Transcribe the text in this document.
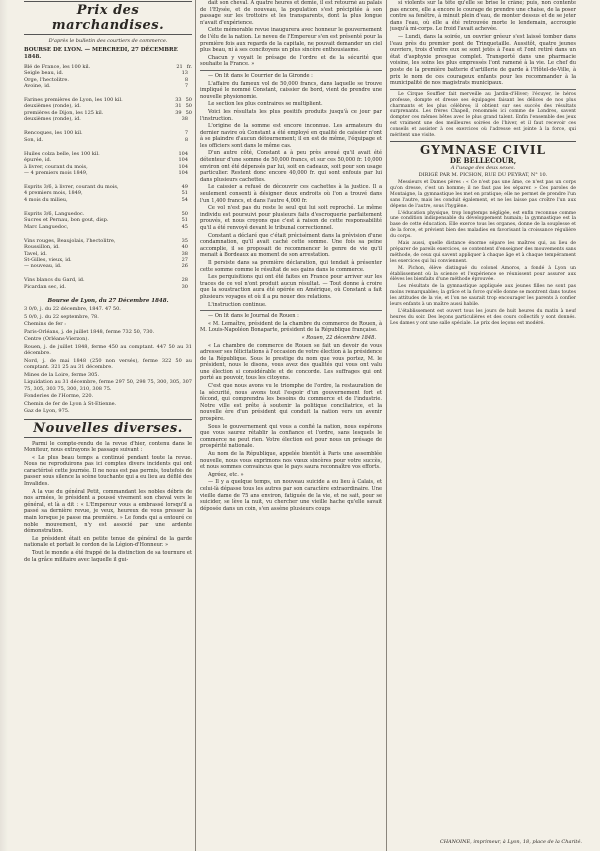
Prix des marchandises.
D'après le bulletin des courtiers de commerce.
BOURSE DE LYON. — MERCREDI, 27 DÉCEMBRE 1848.
Blé de France, les 100 kil.	21 fr.
Seigle beau, id.	13
Orge, l'hectolitre.	8
Avoine, id.	7
Farines premières de Lyon, les 100 kil.	33 50
deuxièmes (ronde), id.	31 50
premières de Dijon, les 125 kil.	39 50
deuxièmes (ronde), id.	38
Rencoques, les 100 kil.	7
Son, id.	8
Huiles colza belle, les 100 kil.	104
épurée, id.	104
à livrer, courant du mois,	104
— 4 premiers mois 1849,	104
Esprits 3/6, à livrer, courant du mois,	49
4 premiers mois, 1849,	51
4 mois du milieu,	54
Esprits 3/6, Languedoc.	50
Sucres et Pernau, bon gout, disp.	51
Marc Languedoc,	45
Vins rouges, Beaujolais, l'hectolitre,	35
Roussillon, id.	40
Tavel, id.	38
St-Gilles, vieux, id.	27
— nouveau, id.	26
Vins blancs du Gard, id.	28
Picardan sec, id.	30
Bourse de Lyon, du 27 Décembre 1848.

3 0/0, j. du 22 décembre, 1847. 47 50.

5 0/0, j. du 22 septembre, 78.

Chemins de fer :

Paris-Orléans, j. de juillet 1848, ferme 732 50, 730.

Centre (Orléans-Vierzon).

Rouen, j. de juillet 1848, ferme 450 au comptant. 447 50 au 31 décembre.

Nord, j. de mai 1848 (250 non versés), ferme 322 50 au comptant. 321 25 au 31 décembre.

Mines de la Loire, ferme 305.

Liquidation au 31 décembre, ferme 297 50, 298 75, 300, 305, 307 75, 305, 303 75, 300, 310, 308 75.

Fonderies de l'Horme, 220.

Chemin de fer de Lyon à St-Etienne.

Gaz de Lyon, 975.

Nouvelles diverses.

Parmi le compte-rendu de la revue d'hier, contenu dans le Moniteur, nous extrayons le passage suivant :

« Le plus beau temps a continué pendant toute la revue. Nous ne reproduirons pas ici comptes divers incidents qui ont caractérisé cette journée. Il ne nous est pas permis, toutefois de passer sous silence la scène touchante qui a eu lieu au défilé des Invalides.

A la vue du général Petit, commandant les nobles débris de nos armées, le président a poussé vivement son cheval vers le général, et là a dit : « L'Empereur vous a embrassé lorsqu'il a passé sa dernière revue, je veux, heureux de vous presser la main lorsque je passe ma première. » Le fonds qui a entouré ce noble mouvement, n'y est associé par une ardente démonstration.

Le président était en petite tenue de général de la garde nationale et portait le cordon de la Légion-d'Honneur. »

Tout le monde a été frappé de la distinction de sa tournure et de la grâce militaire avec laquelle il gui-

dait son cheval. A quatre heures et demie, il est retourné au palais de l'Elysée, et de nouveau, la population s'est précipitée à son passage sur les trottoirs et les transparents, dont la plus longue n'avait d'expérience.

Cette mémorable revue inaugurera avec honneur le gouvernement de l'élu de la nation. Le neveu de l'Empereur s'en est présenté pour la première fois aux regards de la capitale, ne pouvait demander un ciel plus beau, ni à ses concitoyens un plus sincère enthousiasme.

Chacun y voyait le présage de l'ordre et de la sécurité que souhaite la France. »

— On lit dans le Courrier de la Gironde :

L'affaire du fameux vol de 50,000 francs, dans laquelle se trouve impliqué le nommé Constant, caissier de bord, vient de prendre une nouvelle physionomie.

Le section les plus contraires se multiplient.

Voici les résultats les plus positifs produits jusqu'à ce jour par l'instruction.

L'origine de la somme est encore inconnue. Les armateurs du dernier navire où Constant a été employé en qualité de caissier n'ont à se plaindre d'aucun détournement; il en est de même, l'équipage et les officiers sont dans le même cas.

D'un autre côté, Constant a à peu près avoué qu'il avait été détenteur d'une somme de 50,000 francs, et sur ces 50,000 fr. 10,000 environ ont été dépensés par lui, soit en cadeaux, soit pour son usage particulier. Restent donc encore 40,000 fr. qui sont enfouis par lui dans plusieurs cachettes.

Le caissier a refusé de découvrir ces cachettes à la justice. Il a seulement consenti à désigner deux endroits où l'on a trouvé dans l'un 1,400 francs, et dans l'autre 4,000 fr.

Ce vol n'est pas du reste le seul qui lui soit reproché. Le même individu est poursuivi pour plusieurs faits d'escroquerie parfaitement prouvés, et nous croyons que c'est à raison de cette responsabilité qu'il a été renvoyé devant le tribunal correctionnel.

Constant a déclaré que c'était précisément dans la prévision d'une condamnation, qu'il avait caché cette somme. Une fois sa peine accomplie, il se proposait de recommencer le genre de vie qu'il menait à Bordeaux au moment de son arrestation.

Il persiste dans sa première déclaration, qui tendait à présenter cette somme comme le résultat de ses gains dans le commerce.

Les perquisitions qui ont été faites en France pour arriver sur les traces de ce vol n'ont produit aucun résultat. — Tout donne à croire que la soustraction aura été opérée en Amérique, où Constant a fait plusieurs voyages et où il a pu nouer des relations.

L'instruction continue.

— On lit dans le Journal de Rouen :

« M. Lemaître, président de la chambre du commerce de Rouen, à M. Louis-Napoléon Bonaparte, président de la République française.

« Rouen, 22 décembre 1848.

« La chambre de commerce de Rouen se fait un devoir de vous adresser ses félicitations à l'occasion de votre élection à la présidence de la République. Sous le prestige du nom que vous portez, M. le président, nous le disons, vous avez des qualités qui vous ont valu une élection si considérable et de concorde. Les suffrages qui ont porté au pouvoir, tous les citoyens.

C'est que nous avons vu le triomphe de l'ordre, la restauration de la sécurité, nous avons tout l'espoir d'un gouvernement fort et fécond, qui comprendra les besoins du commerce et de l'industrie. Notre ville est prête à soutenir la politique conciliatrice, et la nouvelle ère d'un président qui conduit la nation vers un avenir prospère.

Sous le gouvernement qui vous a confié la nation, nous espérons que vous saurez rétablir la confiance et l'ordre, sans lesquels le commerce ne peut rien. Votre élection est pour nous un présage de prospérité nationale.

Au nom de la République, appelée bientôt à Paris une assemblée nouvelle, nous vous exprimons nos vœux sincères pour votre succès, et nous sommes convaincus que le pays saura reconnaître vos efforts.

Agréez, etc. »

— Il y a quelque temps, un nouveau suicide a eu lieu à Calais, et celui-là dépasse tous les autres par son caractère extraordinaire. Une vieille dame de 75 ans environ, fatiguée de la vie, et ne sait, pour se suicider, se lève la nuit, vu chercher une vieille hache qu'elle savait déposée dans un coin, s'en assène plusieurs coups

si violents sur la tête qu'elle se brise le crâne; puis, non contente pas encore, elle a encore le courage de prendre une chaise, de la poser contre sa fenêtre, à minuit plein d'eau, de monter dessus et de se jeter dans l'eau, où elle a été retrouvée morte le lendemain, accroupie jusqu'à mi-corps. Le froid l'avait achevée.

— Lundi, dans la soirée, un ouvrier gréeur s'est laissé tomber dans l'eau près du premier pont de Trinquetaille. Aussitôt, quatre jeunes ouvriers, trois d'entre eux se sont jetés à l'eau et l'ont retiré dans un état d'asphyxie presque complet. Transporté dans une pharmacie voisine, les soins les plus empressés l'ont ramené à la vie. Le chef du poste de la première batterie d'artillerie de garde à l'Hôtel-de-Ville, à prix le nom de ces courageux enfants pour les recommander à la municipalité de nos magistrats municipaux.

Le Cirque Souffier fait merveille au Jardin-d'Hiver; l'écuyer, le héros professe, dompte et dresse ses équipages faisant les délices de nos plus charmants et les plus célèbres; il obtient sur ses succès des résultats surprenants. Les frères Chapell, renommés ici comme de Londres, savent dompter ces mêmes bêtes avec le plus grand talent. Enfin l'ensemble des jeux est vraiment une des meilleures soirées de l'hiver, et il faut recevoir ces conseils et assister à ces exercices où l'adresse est jointe à la force, qui méritent une visite.

GYMNASE CIVIL

DE BELLECOUR,

A l'usage des deux sexes.

DIRIGÉ PAR M. PICHON, RUE DU PEYRAT, N° 10.

Messieurs et Dames pères : « Ce n'est pas une âme, ce n'est pas un corps qu'on dresse, c'est un homme; il ne faut pas les séparer. » Ces paroles de Montaigne, la gymnastique les met en pratique; elle ne permet de prendre l'un sans l'autre, mais les conduit également, et ne les laisse pas croître l'un aux dépens de l'autre, sous l'hygiène.

L'éducation physique, trop longtemps négligée, est enfin reconnue comme une condition indispensable du développement humain; la gymnastique est la base de cette éducation. Elle exerce tous les organes, donne de la souplesse et de la force, et prévient bien des maladies en favorisant la croissance régulière du corps.

Mais aussi, quelle distance énorme sépare les maîtres qui, au lieu de préparer de pareils exercices, se contentent d'enseigner des mouvements sans méthode, de ceux qui savent appliquer à chaque âge et à chaque tempérament les exercices qui lui conviennent.

M. Pichon, élève distingué du colonel Amoros, a fondé à Lyon un établissement où la science et l'expérience se réunissent pour assurer aux élèves les bienfaits d'une méthode éprouvée.

Les résultats de la gymnastique appliquée aux jeunes filles ne sont pas moins remarquables; la grâce et la force qu'elle donne se montrent dans toutes les attitudes de la vie, et l'on ne saurait trop encourager les parents à confier leurs enfants à un maître aussi habile.

L'établissement est ouvert tous les jours de huit heures du matin à neuf heures du soir. Des leçons particulières et des cours collectifs y sont donnés. Les dames y ont une salle spéciale. Le prix des leçons est modéré.

CHANOINE, imprimeur, à Lyon, 18, place de la Charité.
